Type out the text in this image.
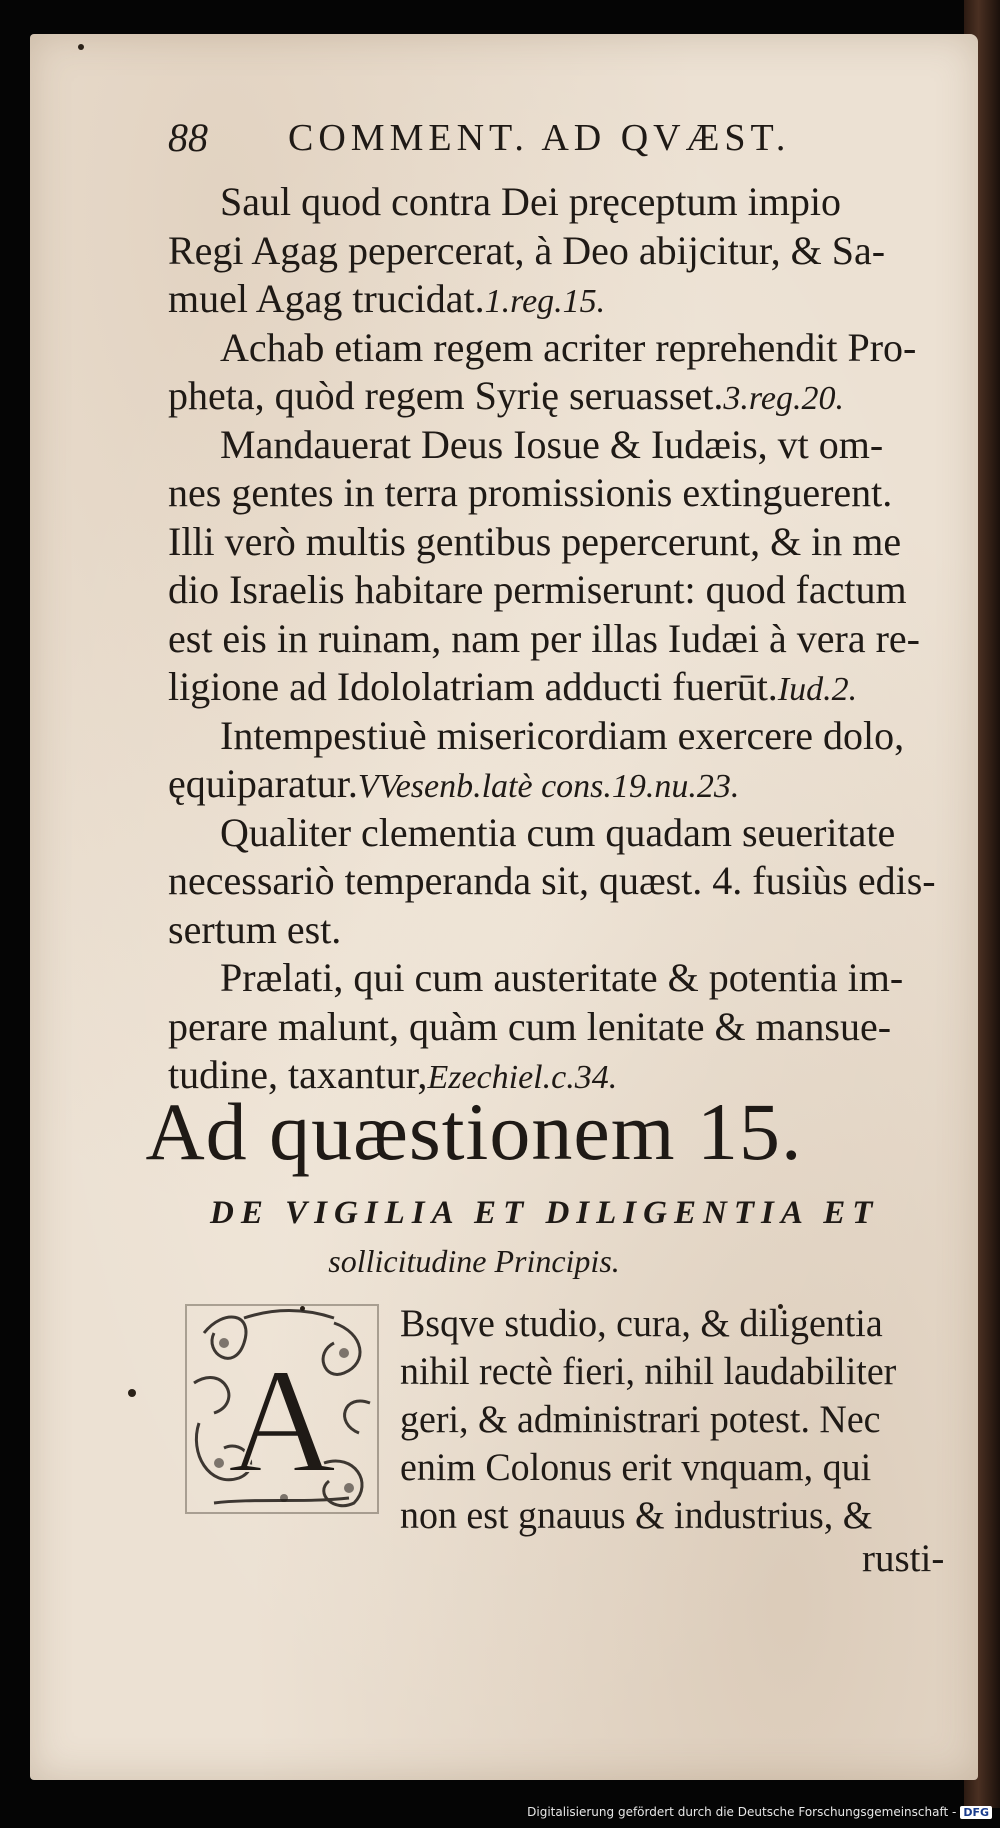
88 COMMENT. AD QVÆST.
Saul quod contra Dei pręceptum impio
Regi Agag pepercerat, à Deo abijcitur, & Sa-
muel Agag trucidat.1.reg.15.
Achab etiam regem acriter reprehendit Pro-
pheta, quòd regem Syrię seruasset.3.reg.20.
Mandauerat Deus Iosue & Iudæis, vt om-
nes gentes in terra promissionis extinguerent.
Illi verò multis gentibus pepercerunt, & in me
dio Israelis habitare permiserunt: quod factum
est eis in ruinam, nam per illas Iudæi à vera re-
ligione ad Idololatriam adducti fuerūt.Iud.2.
Intempestiuè misericordiam exercere dolo,
ęquiparatur.VVesenb.latè cons.19.nu.23.
Qualiter clementia cum quadam seueritate
necessariò temperanda sit, quæst. 4. fusiùs edis-
sertum est.
Prælati, qui cum austeritate & potentia im-
perare malunt, quàm cum lenitate & mansue-
tudine, taxantur,Ezechiel.c.34.
Ad quæstionem 15.
DE VIGILIA ET DILIGENTIA ET
sollicitudine Principis.
A
Bsqve studio, cura, & diligentia
nihil rectè fieri, nihil laudabiliter
geri, & administrari potest. Nec
enim Colonus erit vnquam, qui
non est gnauus & industrius, &
rusti-
Digitalisierung gefördert durch die Deutsche Forschungsgemeinschaft - DFG
